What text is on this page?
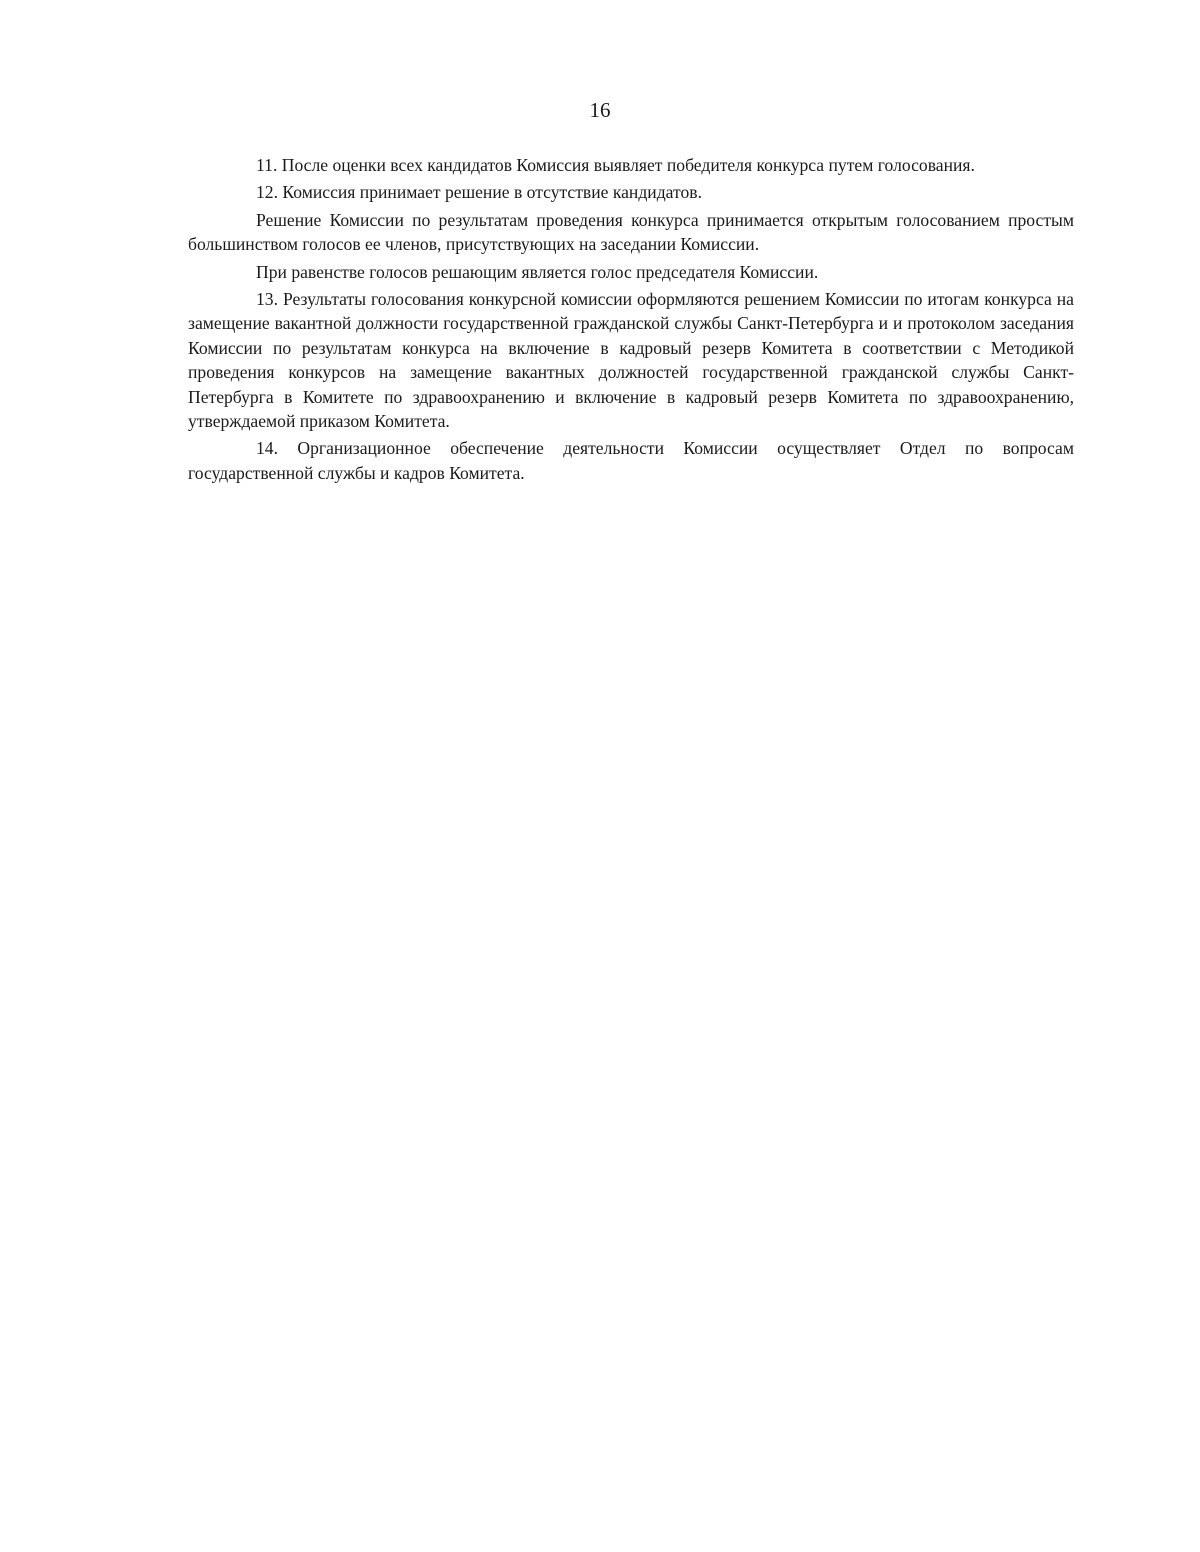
16

11. После оценки всех кандидатов Комиссия выявляет победителя конкурса путем голосования.

12. Комиссия принимает решение в отсутствие кандидатов.

Решение Комиссии по результатам проведения конкурса принимается открытым голосованием простым большинством голосов ее членов, присутствующих на заседании Комиссии.

При равенстве голосов решающим является голос председателя Комиссии.

13. Результаты голосования конкурсной комиссии оформляются решением Комиссии по итогам конкурса на замещение вакантной должности государственной гражданской службы Санкт-Петербурга и и протоколом заседания Комиссии по результатам конкурса на включение в кадровый резерв Комитета в соответствии с Методикой проведения конкурсов на замещение вакантных должностей государственной гражданской службы Санкт-Петербурга в Комитете по здравоохранению и включение в кадровый резерв Комитета по здравоохранению, утверждаемой приказом Комитета.

14. Организационное обеспечение деятельности Комиссии осуществляет Отдел по вопросам государственной службы и кадров Комитета.
